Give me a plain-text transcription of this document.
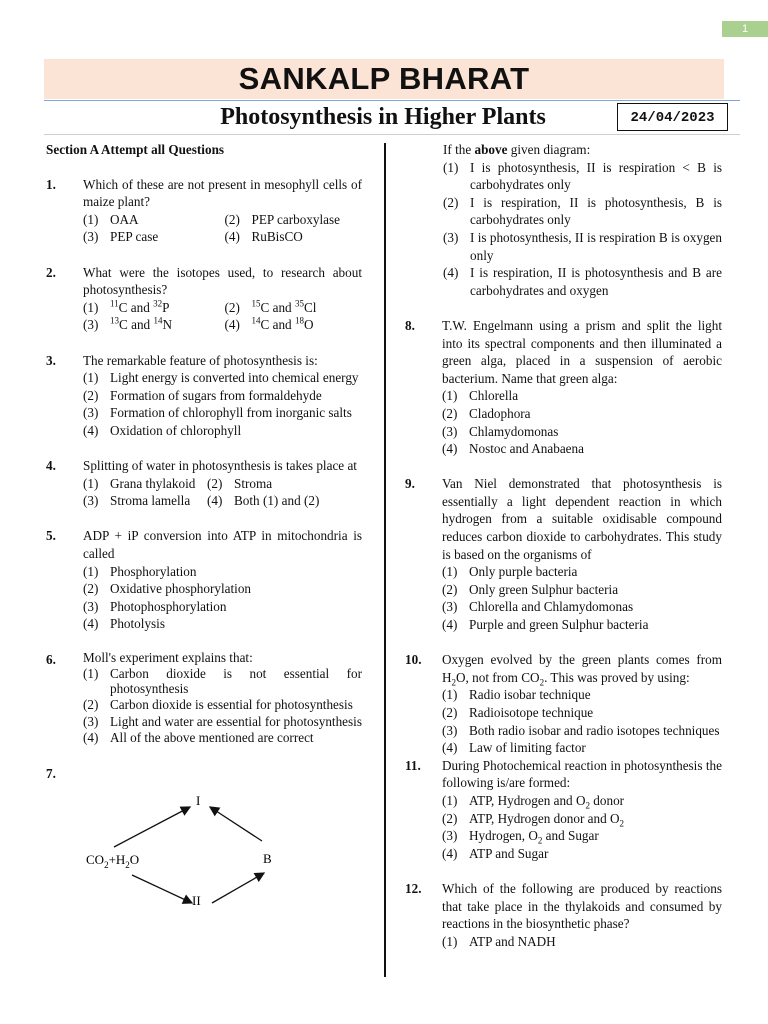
1
SANKALP BHARAT
Photosynthesis in Higher Plants	24/04/2023
Section A Attempt all Questions
1.	Which of these are not present in mesophyll cells of maize plant?
(1) OAA	(2) PEP carboxylase
(3) PEP case	(4) RuBisCO
2.	What were the isotopes used, to research about photosynthesis?
(1)	$^{11}$C and $^{32}$P	(2)	$^{15}$C and $^{35}$Cl
(3)	$^{13}$C and $^{14}$N	(4)	$^{14}$C and $^{18}$O
3.	The remarkable feature of photosynthesis is:
(1) Light energy is converted into chemical energy
(2) Formation of sugars from formaldehyde
(3) Formation of chlorophyll from inorganic salts
(4) Oxidation of chlorophyll
4.	Splitting of water in photosynthesis is takes place at
(1) Grana thylakoid (2) Stroma
(3) Stroma lamella	(4) Both (1) and (2)
5.	ADP + iP conversion into ATP in mitochondria is called
(1) Phosphorylation
(2) Oxidative phosphorylation
(3) Photophosphorylation
(4) Photolysis
6.	Moll's experiment explains that:
(1) Carbon dioxide is not essential for photosynthesis
(2) Carbon dioxide is essential for photosynthesis
(3) Light and water are essential for photosynthesis
(4) All of the above mentioned are correct
7.
I
B
II
$CO_2+H_2O$
If the above given diagram:
(1) I is photosynthesis, II is respiration < B is carbohydrates only
(2) I is respiration, II is photosynthesis, B is carbohydrates only
(3) I is photosynthesis, II is respiration B is oxygen only
(4) I is respiration, II is photosynthesis and B are carbohydrates and oxygen
8.	T.W. Engelmann using a prism and split the light into its spectral components and then illuminated a green alga, placed in a suspension of aerobic bacterium. Name that green alga:
(1) Chlorella
(2) Cladophora
(3) Chlamydomonas
(4) Nostoc and Anabaena
9.	Van Niel demonstrated that photosynthesis is essentially a light dependent reaction in which hydrogen from a suitable oxidisable compound reduces carbon dioxide to carbohydrates. This study is based on the organisms of
(1) Only purple bacteria
(2) Only green Sulphur bacteria
(3) Chlorella and Chlamydomonas
(4) Purple and green Sulphur bacteria
10.	Oxygen evolved by the green plants comes from $H_2O$, not from $CO_2$. This was proved by using:
(1) Radio isobar technique
(2) Radioisotope technique
(3) Both radio isobar and radio isotopes techniques
(4) Law of limiting factor
11.	During Photochemical reaction in photosynthesis the following is/are formed:
(1) ATP, Hydrogen and $O_2$ donor
(2) ATP, Hydrogen donor and $O_2$
(3) Hydrogen, $O_2$ and Sugar
(4) ATP and Sugar
12.	Which of the following are produced by reactions that take place in the thylakoids and consumed by reactions in the biosynthetic phase?
(1) ATP and NADH
